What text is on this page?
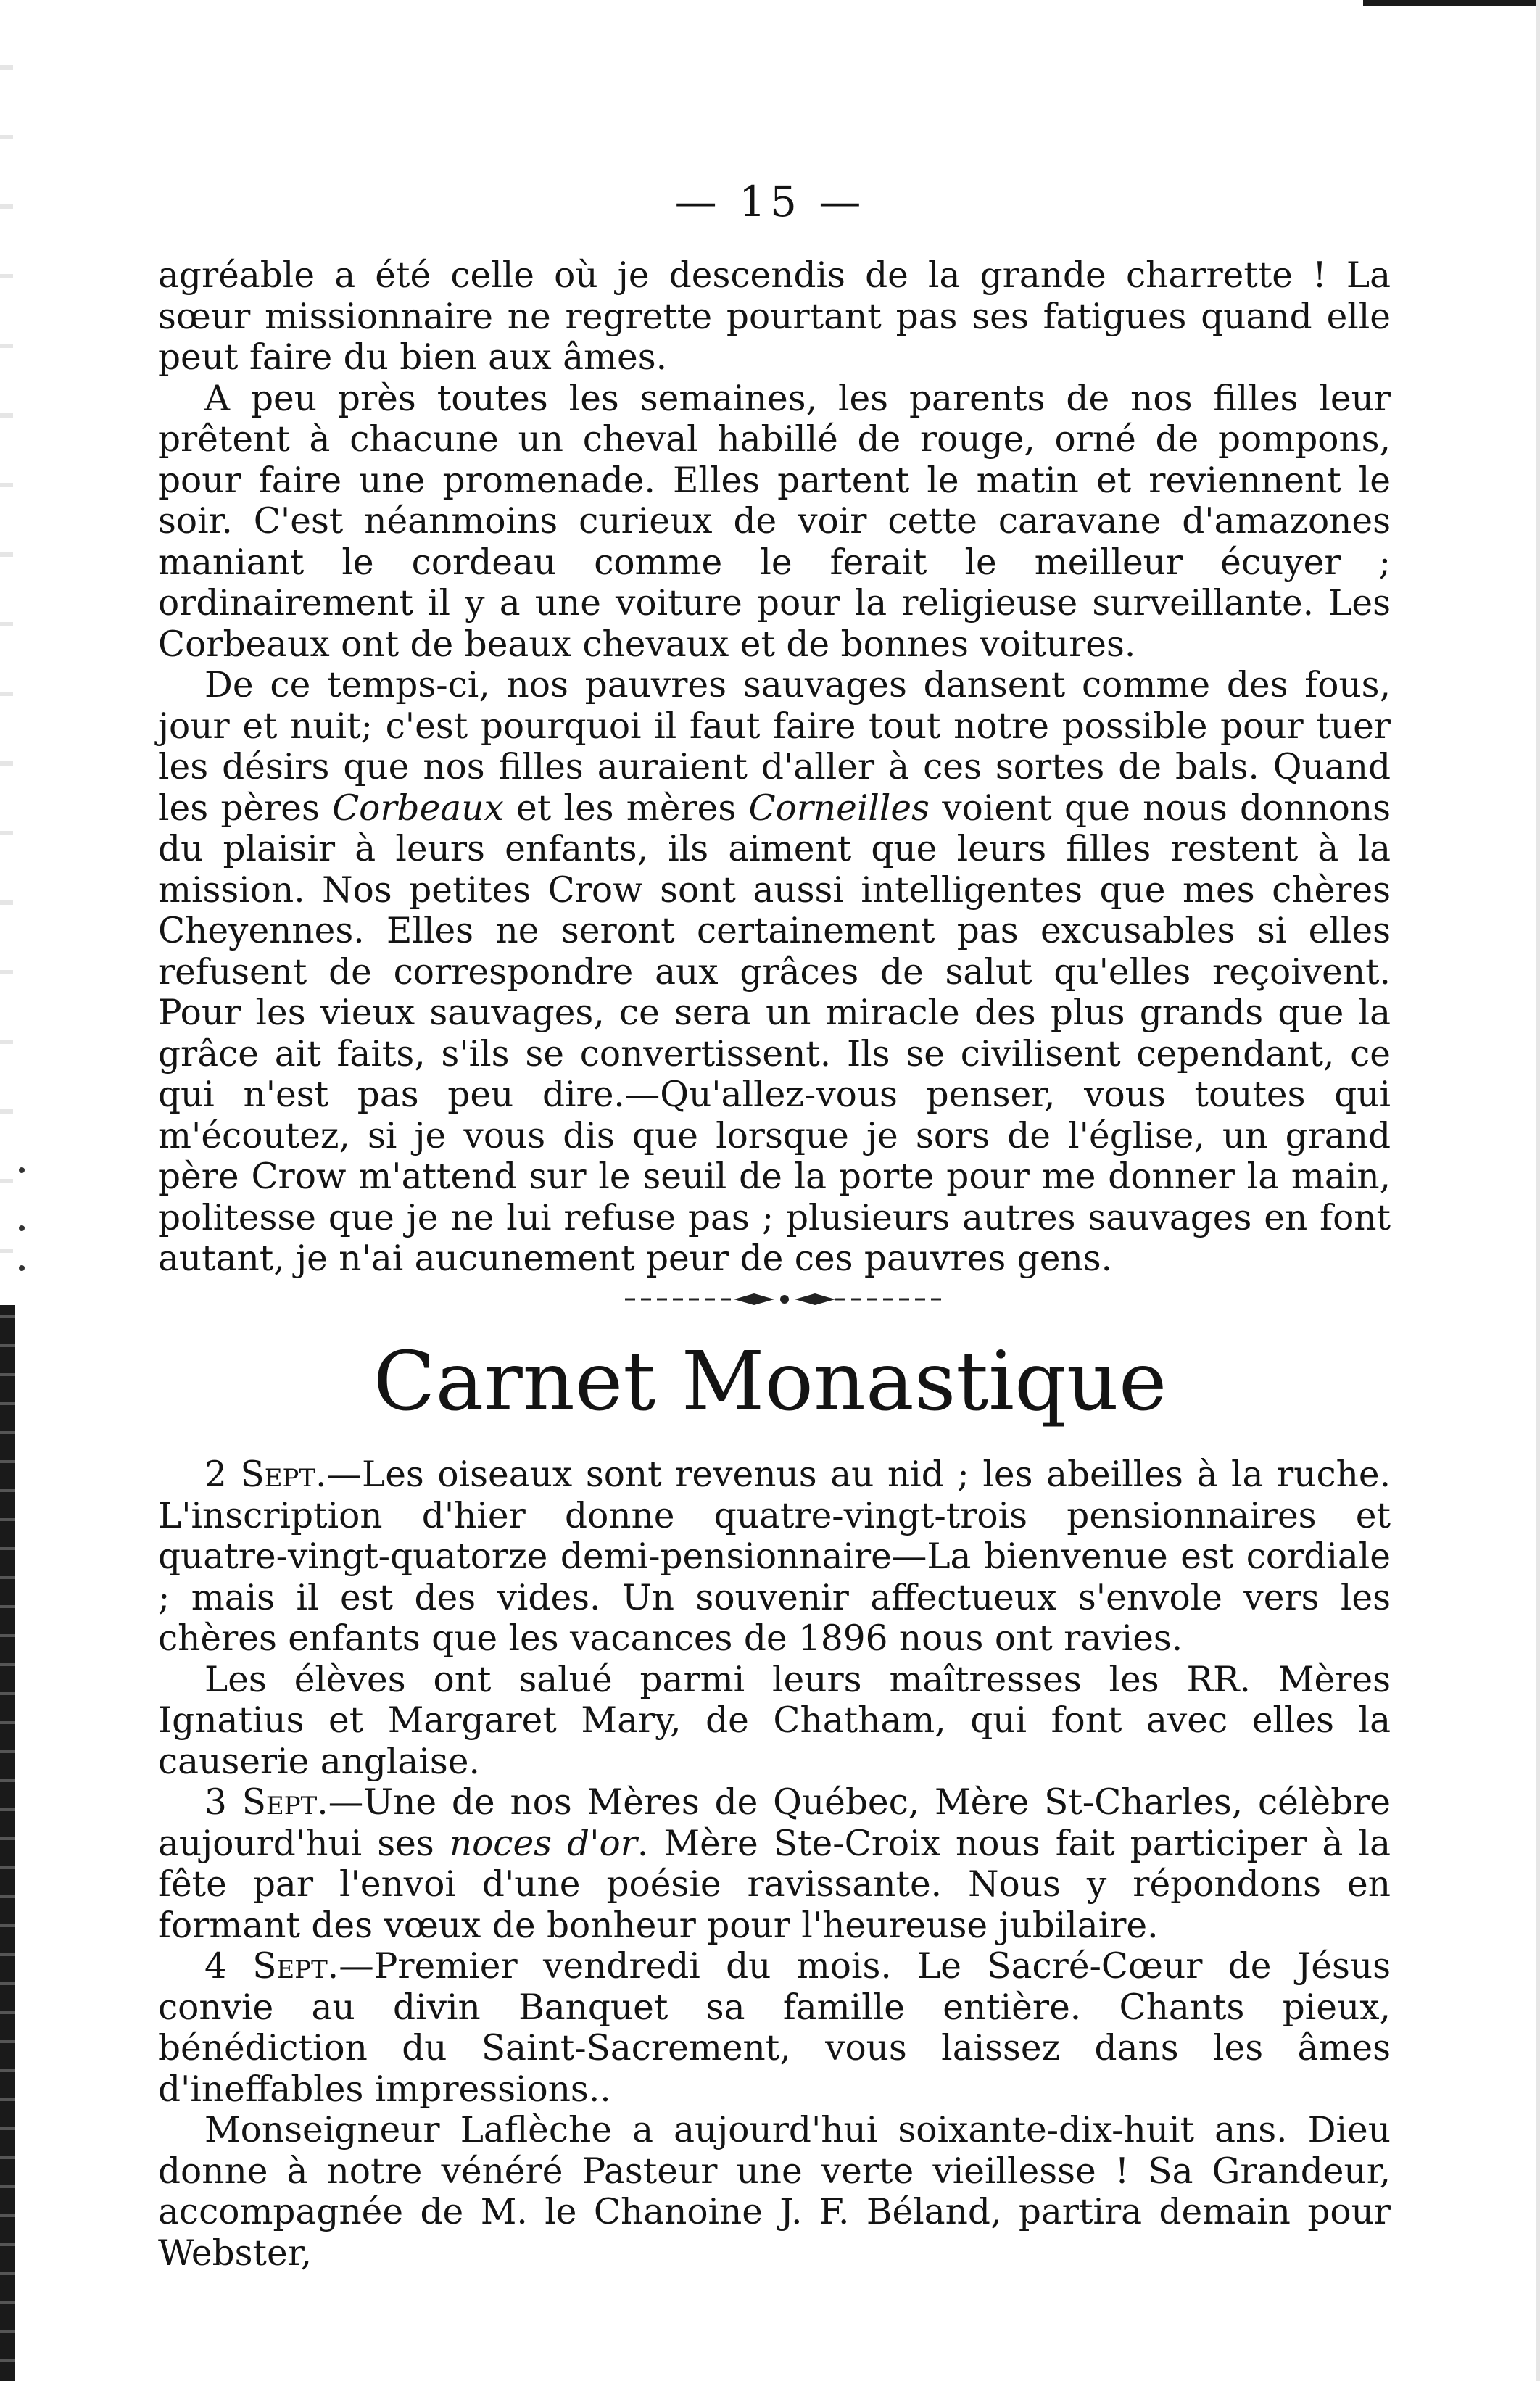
— 15 —

agréable a été celle où je descendis de la grande charrette ! La sœur missionnaire ne regrette pourtant pas ses fatigues quand elle peut faire du bien aux âmes.

A peu près toutes les semaines, les parents de nos filles leur prêtent à chacune un cheval habillé de rouge, orné de pompons, pour faire une promenade. Elles partent le matin et reviennent le soir. C'est néanmoins curieux de voir cette caravane d'amazones maniant le cordeau comme le ferait le meilleur écuyer ; ordinairement il y a une voiture pour la religieuse surveillante. Les Corbeaux ont de beaux chevaux et de bonnes voitures.

De ce temps-ci, nos pauvres sauvages dansent comme des fous, jour et nuit; c'est pourquoi il faut faire tout notre possible pour tuer les désirs que nos filles auraient d'aller à ces sortes de bals. Quand les pères Corbeaux et les mères Corneilles voient que nous donnons du plaisir à leurs enfants, ils aiment que leurs filles restent à la mission. Nos petites Crow sont aussi intelligentes que mes chères Cheyennes. Elles ne seront certainement pas excusables si elles refusent de correspondre aux grâces de salut qu'elles reçoivent. Pour les vieux sauvages, ce sera un miracle des plus grands que la grâce ait faits, s'ils se convertissent. Ils se civilisent cependant, ce qui n'est pas peu dire.—Qu'allez-vous penser, vous toutes qui m'écoutez, si je vous dis que lorsque je sors de l'église, un grand père Crow m'attend sur le seuil de la porte pour me donner la main, politesse que je ne lui refuse pas ; plusieurs autres sauvages en font autant, je n'ai aucunement peur de ces pauvres gens.

Carnet Monastique

2 Sept.—Les oiseaux sont revenus au nid ; les abeilles à la ruche. L'inscription d'hier donne quatre-vingt-trois pensionnaires et quatre-vingt-quatorze demi-pensionnaire—La bienvenue est cordiale ; mais il est des vides. Un souvenir affectueux s'envole vers les chères enfants que les vacances de 1896 nous ont ravies.

Les élèves ont salué parmi leurs maîtresses les RR. Mères Ignatius et Margaret Mary, de Chatham, qui font avec elles la causerie anglaise.

3 Sept.—Une de nos Mères de Québec, Mère St-Charles, célèbre aujourd'hui ses noces d'or. Mère Ste-Croix nous fait participer à la fête par l'envoi d'une poésie ravissante. Nous y répondons en formant des vœux de bonheur pour l'heureuse jubilaire.

4 Sept.—Premier vendredi du mois. Le Sacré-Cœur de Jésus convie au divin Banquet sa famille entière. Chants pieux, bénédiction du Saint-Sacrement, vous laissez dans les âmes d'ineffables impressions..

Monseigneur Laflèche a aujourd'hui soixante-dix-huit ans. Dieu donne à notre vénéré Pasteur une verte vieillesse ! Sa Grandeur, accompagnée de M. le Chanoine J. F. Béland, partira demain pour Webster,
